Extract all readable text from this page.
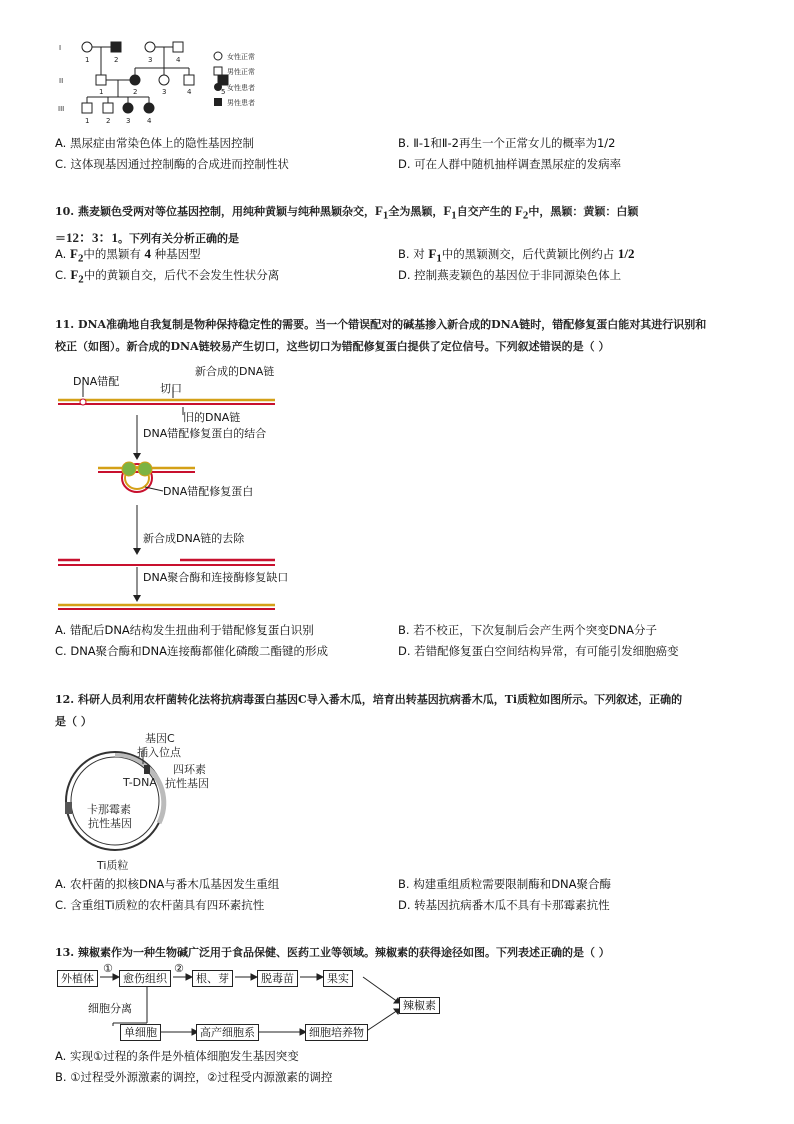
I
II
III
1	2	3	4
1	2	3	4	5
1 2 3 4
女性正常
男性正常
女性患者
男性患者
A. 黑尿症由常染色体上的隐性基因控制	B. Ⅱ-1和Ⅱ-2再生一个正常女儿的概率为1/2
C. 这体现基因通过控制酶的合成进而控制性状	D. 可在人群中随机抽样调查黑尿症的发病率
10. 燕麦颖色受两对等位基因控制，用纯种黄颖与纯种黑颖杂交，$F_1$全为黑颖，$F_1$自交产生的 $F_2$中，黑颖：黄颖：白颖
＝12：3：1。下列有关分析正确的是
A. $F_2$中的黑颖有 4 种基因型	B. 对 $F_1$中的黑颖测交，后代黄颖比例约占 1/2
C. $F_2$中的黄颖自交，后代不会发生性状分离	D. 控制燕麦颖色的基因位于非同源染色体上
11. DNA准确地自我复制是物种保持稳定性的需要。当一个错误配对的碱基掺入新合成的DNA链时，错配修复蛋白能对其进行识别和
校正（如图）。新合成的DNA链较易产生切口，这些切口为错配修复蛋白提供了定位信号。下列叙述错误的是（ ）
DNA错配
切口
新合成的DNA链
旧的DNA链
DNA错配修复蛋白的结合
DNA错配修复蛋白
新合成DNA链的去除
DNA聚合酶和连接酶修复缺口
A. 错配后DNA结构发生扭曲利于错配修复蛋白识别	B. 若不校正，下次复制后会产生两个突变DNA分子
C. DNA聚合酶和DNA连接酶都催化磷酸二酯键的形成	D. 若错配修复蛋白空间结构异常，有可能引发细胞癌变
12. 科研人员利用农杆菌转化法将抗病毒蛋白基因C导入番木瓜，培育出转基因抗病番木瓜，Ti质粒如图所示。下列叙述，正确的
是（ ）
基因C
插入位点
T-DNA
四环素
抗性基因
卡那霉素
抗性基因
Ti质粒
A. 农杆菌的拟核DNA与番木瓜基因发生重组	B. 构建重组质粒需要限制酶和DNA聚合酶
C. 含重组Ti质粒的农杆菌具有四环素抗性	D. 转基因抗病番木瓜不具有卡那霉素抗性
13. 辣椒素作为一种生物碱广泛用于食品保健、医药工业等领域。辣椒素的获得途径如图。下列表述正确的是（ ）
外植体
①
愈伤组织
②
根、芽	脱毒苗	果实
辣椒素
细胞分离
单细胞	高产细胞系	细胞培养物
A. 实现①过程的条件是外植体细胞发生基因突变
B. ①过程受外源激素的调控，②过程受内源激素的调控
